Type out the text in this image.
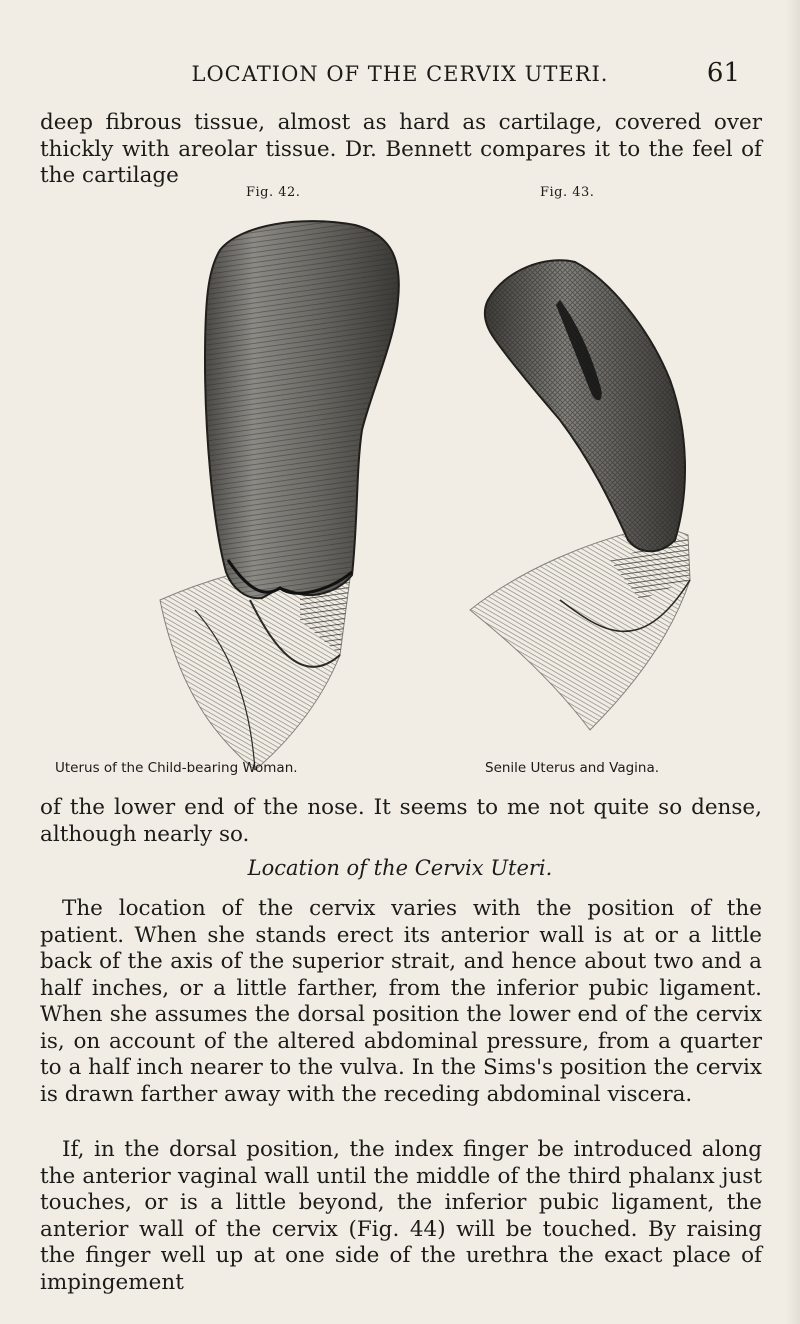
LOCATION OF THE CERVIX UTERI.	61

deep fibrous tissue, almost as hard as cartilage, covered over thickly with areolar tissue. Dr. Bennett compares it to the feel of the cartilage

Fig. 42.	Fig. 43.
Uterus of the Child-bearing Woman.	Senile Uterus and Vagina.

of the lower end of the nose. It seems to me not quite so dense, although nearly so.

Location of the Cervix Uteri.

The location of the cervix varies with the position of the patient. When she stands erect its anterior wall is at or a little back of the axis of the superior strait, and hence about two and a half inches, or a little farther, from the inferior pubic ligament. When she assumes the dorsal position the lower end of the cervix is, on account of the altered abdominal pressure, from a quarter to a half inch nearer to the vulva. In the Sims's position the cervix is drawn farther away with the receding abdominal viscera.

If, in the dorsal position, the index finger be introduced along the anterior vaginal wall until the middle of the third phalanx just touches, or is a little beyond, the inferior pubic ligament, the anterior wall of the cervix (Fig. 44) will be touched. By raising the finger well up at one side of the urethra the exact place of impingement
